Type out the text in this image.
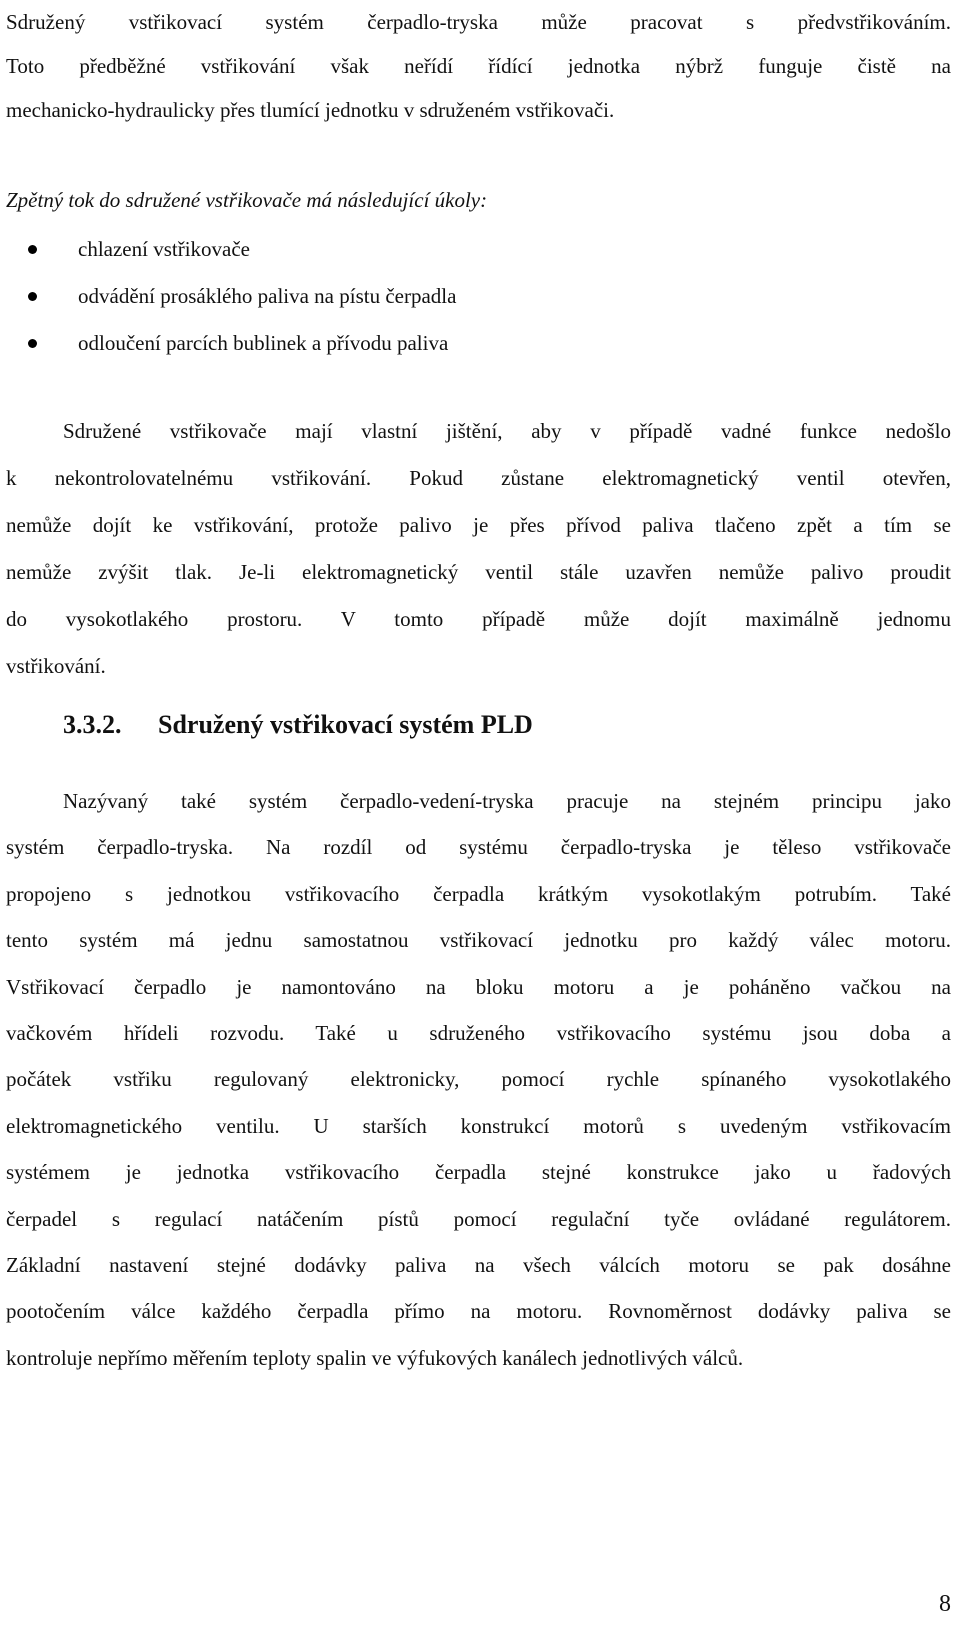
Sdružený vstřikovací systém čerpadlo-tryska může pracovat s předvstřikováním.
Toto předběžné vstřikování však neřídí řídící jednotka nýbrž funguje čistě na
mechanicko-hydraulicky přes tlumící jednotku v sdruženém vstřikovači.

Zpětný tok do sdružené vstřikovače má následující úkoly:

chlazení vstřikovače
odvádění prosáklého paliva na pístu čerpadla
odloučení parcích bublinek a přívodu paliva
Sdružené vstřikovače mají vlastní jištění, aby v případě vadné funkce nedošlo
k nekontrolovatelnému vstřikování. Pokud zůstane elektromagnetický ventil otevřen,
nemůže dojít ke vstřikování, protože palivo je přes přívod paliva tlačeno zpět a tím se
nemůže zvýšit tlak. Je-li elektromagnetický ventil stále uzavřen nemůže palivo proudit
do vysokotlakého prostoru. V tomto případě může dojít maximálně jednomu
vstřikování.
3.3.2. Sdružený vstřikovací systém PLD
Nazývaný také systém čerpadlo-vedení-tryska pracuje na stejném principu jako
systém čerpadlo-tryska. Na rozdíl od systému čerpadlo-tryska je těleso vstřikovače
propojeno s jednotkou vstřikovacího čerpadla krátkým vysokotlakým potrubím. Také
tento systém má jednu samostatnou vstřikovací jednotku pro každý válec motoru.
Vstřikovací čerpadlo je namontováno na bloku motoru a je poháněno vačkou na
vačkovém hřídeli rozvodu. Také u sdruženého vstřikovacího systému jsou doba a
počátek vstřiku regulovaný elektronicky, pomocí rychle spínaného vysokotlakého
elektromagnetického ventilu. U starších konstrukcí motorů s uvedeným vstřikovacím
systémem je jednotka vstřikovacího čerpadla stejné konstrukce jako u řadových
čerpadel s regulací natáčením pístů pomocí regulační tyče ovládané regulátorem.
Základní nastavení stejné dodávky paliva na všech válcích motoru se pak dosáhne
pootočením válce každého čerpadla přímo na motoru. Rovnoměrnost dodávky paliva se
kontroluje nepřímo měřením teploty spalin ve výfukových kanálech jednotlivých válců.
8
